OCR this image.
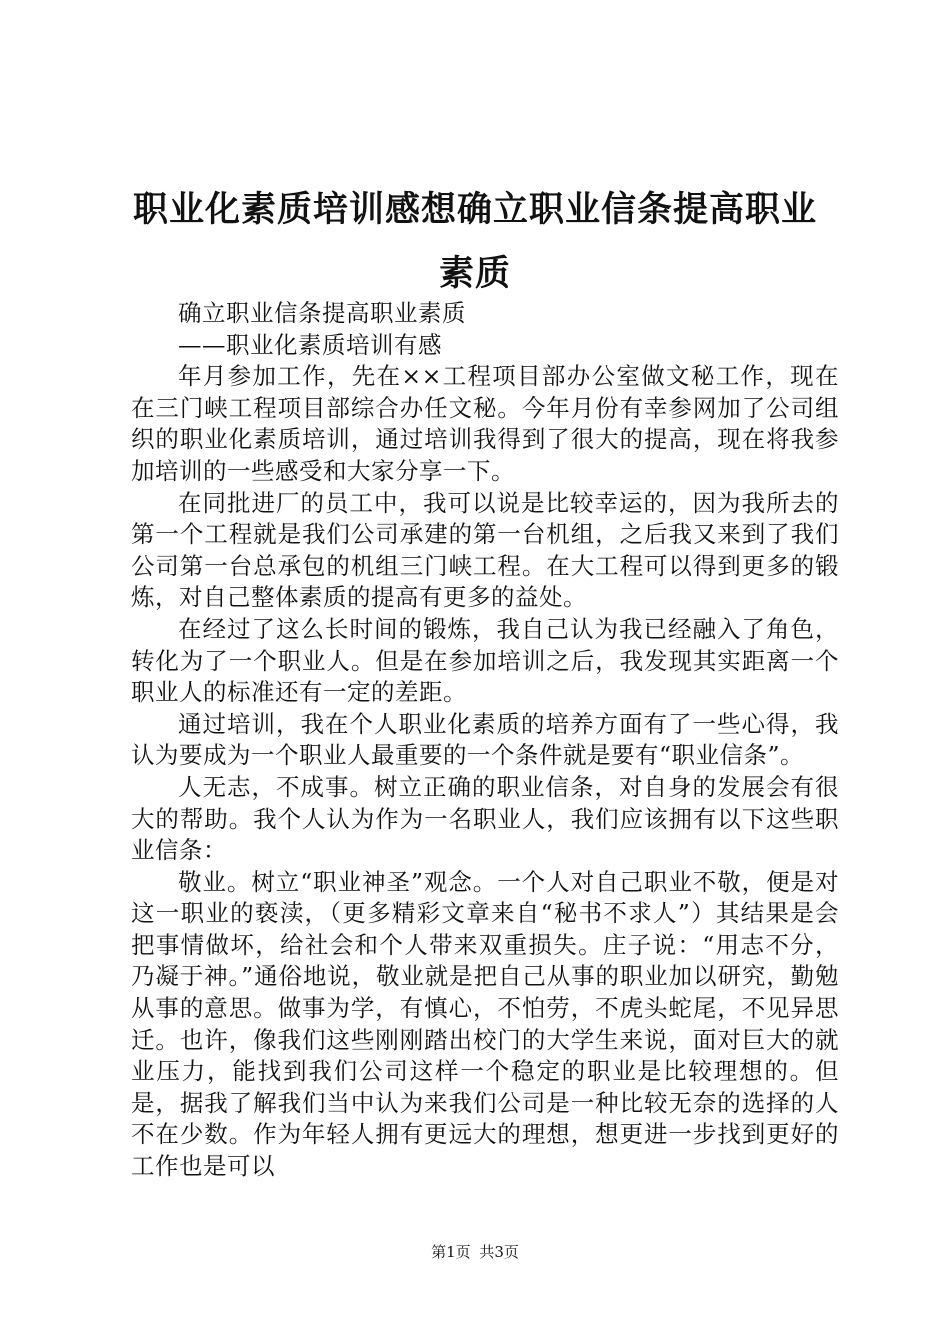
职业化素质培训感想确立职业信条提高职业素质

确立职业信条提高职业素质

——职业化素质培训有感

年月参加工作，先在××工程项目部办公室做文秘工作，现在在三门峡工程项目部综合办任文秘。今年月份有幸参网加了公司组织的职业化素质培训，通过培训我得到了很大的提高，现在将我参加培训的一些感受和大家分享一下。

在同批进厂的员工中，我可以说是比较幸运的，因为我所去的第一个工程就是我们公司承建的第一台机组，之后我又来到了我们公司第一台总承包的机组三门峡工程。在大工程可以得到更多的锻炼，对自己整体素质的提高有更多的益处。

在经过了这么长时间的锻炼，我自己认为我已经融入了角色，转化为了一个职业人。但是在参加培训之后，我发现其实距离一个职业人的标准还有一定的差距。

通过培训，我在个人职业化素质的培养方面有了一些心得，我认为要成为一个职业人最重要的一个条件就是要有“职业信条”。

人无志，不成事。树立正确的职业信条，对自身的发展会有很大的帮助。我个人认为作为一名职业人，我们应该拥有以下这些职业信条：

敬业。树立“职业神圣”观念。一个人对自己职业不敬，便是对这一职业的亵渎，（更多精彩文章来自“秘书不求人”）其结果是会把事情做坏，给社会和个人带来双重损失。庄子说：“用志不分，乃凝于神。”通俗地说，敬业就是把自己从事的职业加以研究，勤勉从事的意思。做事为学，有慎心，不怕劳，不虎头蛇尾，不见异思迁。也许，像我们这些刚刚踏出校门的大学生来说，面对巨大的就业压力，能找到我们公司这样一个稳定的职业是比较理想的。但是，据我了解我们当中认为来我们公司是一种比较无奈的选择的人不在少数。作为年轻人拥有更远大的理想，想更进一步找到更好的工作也是可以

第1页 共3页
